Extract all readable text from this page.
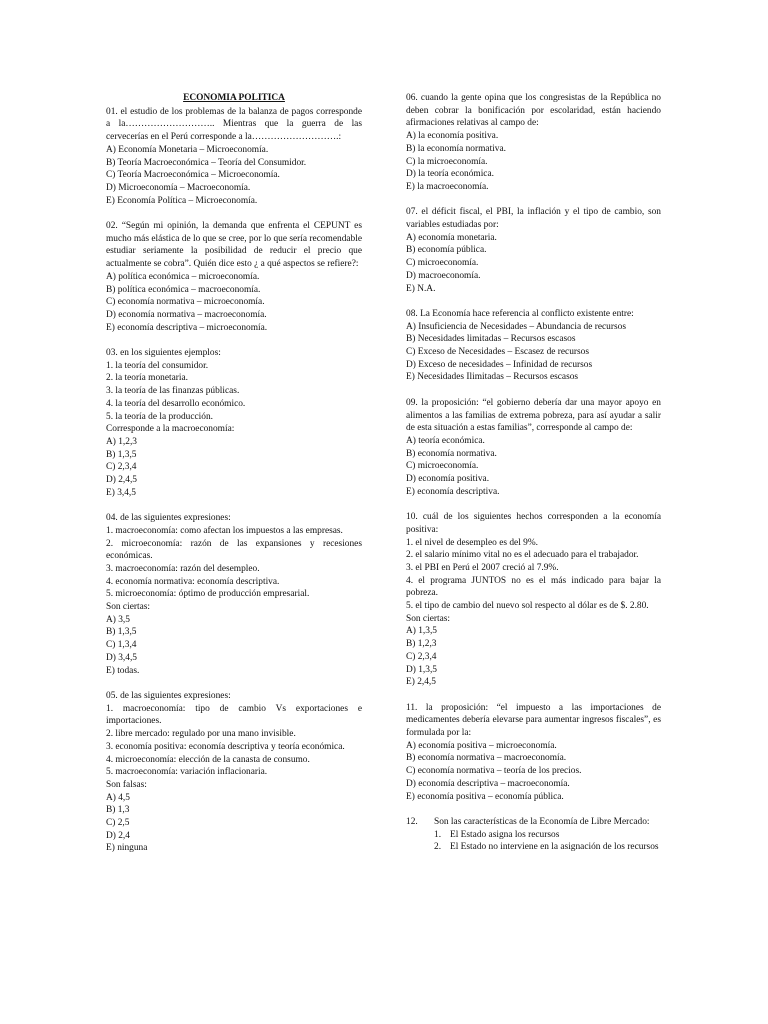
ECONOMIA POLITICA

01. el estudio de los problemas de la balanza de pagos corresponde a la……………………….. Mientras que la guerra de las cervecerías en el Perú corresponde a la……………………….:

A) Economía Monetaria – Microeconomía.

B) Teoría Macroeconómica – Teoría del Consumidor.

C) Teoría Macroeconómica – Microeconomía.

D) Microeconomía – Macroeconomía.

E) Economía Política – Microeconomía.

02. “Según mi opinión, la demanda que enfrenta el CEPUNT es mucho más elástica de lo que se cree, por lo que sería recomendable estudiar seriamente la posibilidad de reducir el precio que actualmente se cobra”. Quién dice esto ¿ a qué aspectos se refiere?:

A) política económica – microeconomía.

B) política económica – macroeconomía.

C) economía normativa – microeconomía.

D) economía normativa – macroeconomía.

E) economía descriptiva – microeconomía.

03. en los siguientes ejemplos:

1. la teoría del consumidor.

2. la teoría monetaria.

3. la teoría de las finanzas públicas.

4. la teoría del desarrollo económico.

5. la teoría de la producción.

Corresponde a la macroeconomía:

A) 1,2,3

B) 1,3,5

C) 2,3,4

D) 2,4,5

E) 3,4,5

04. de las siguientes expresiones:

1. macroeconomía: como afectan los impuestos a las empresas.

2. microeconomía: razón de las expansiones y recesiones económicas.

3. macroeconomía: razón del desempleo.

4. economía normativa: economía descriptiva.

5. microeconomía: óptimo de producción empresarial.

Son ciertas:

A) 3,5

B) 1,3,5

C) 1,3,4

D) 3,4,5

E) todas.

05. de las siguientes expresiones:

1. macroeconomía: tipo de cambio Vs exportaciones e importaciones.

2. libre mercado: regulado por una mano invisible.

3. economía positiva: economía descriptiva y teoría económica.

4. microeconomía: elección de la canasta de consumo.

5. macroeconomía: variación inflacionaria.

Son falsas:

A) 4,5

B) 1,3

C) 2,5

D) 2,4

E) ninguna

06. cuando la gente opina que los congresistas de la República no deben cobrar la bonificación por escolaridad, están haciendo afirmaciones relativas al campo de:

A) la economía positiva.

B) la economía normativa.

C) la microeconomía.

D) la teoría económica.

E) la macroeconomía.

07. el déficit fiscal, el PBI, la inflación y el tipo de cambio, son variables estudiadas por:

A) economía monetaria.

B) economía pública.

C) microeconomía.

D) macroeconomía.

E) N.A.

08. La Economía hace referencia al conflicto existente entre:

A) Insuficiencia de Necesidades – Abundancia de recursos

B) Necesidades limitadas – Recursos escasos

C) Exceso de Necesidades – Escasez de recursos

D) Exceso de necesidades – Infinidad de recursos

E) Necesidades Ilimitadas – Recursos escasos

09. la proposición: “el gobierno debería dar una mayor apoyo en alimentos a las familias de extrema pobreza, para así ayudar a salir de esta situación a estas familias”, corresponde al campo de:

A) teoría económica.

B) economía normativa.

C) microeconomía.

D) economía positiva.

E) economía descriptiva.

10. cuál de los siguientes hechos corresponden a la economía positiva:

1. el nivel de desempleo es del 9%.

2. el salario mínimo vital no es el adecuado para el trabajador.

3. el PBI en Perú el 2007 creció al 7.9%.

4. el programa JUNTOS no es el más indicado para bajar la pobreza.

5. el tipo de cambio del nuevo sol respecto al dólar es de $. 2.80.

Son ciertas:

A) 1,3,5

B) 1,2,3

C) 2,3,4

D) 1,3,5

E) 2,4,5

11. la proposición: “el impuesto a las importaciones de medicamentes debería elevarse para aumentar ingresos fiscales”, es formulada por la:

A) economía positiva – microeconomía.

B) economía normativa – macroeconomía.

C) economía normativa – teoría de los precios.

D) economía descriptiva – macroeconomía.

E) economía positiva – economía pública.

12.	Son las características de la Economía de Libre Mercado:
1. El Estado asigna los recursos
2. El Estado no interviene en la asignación de los recursos
